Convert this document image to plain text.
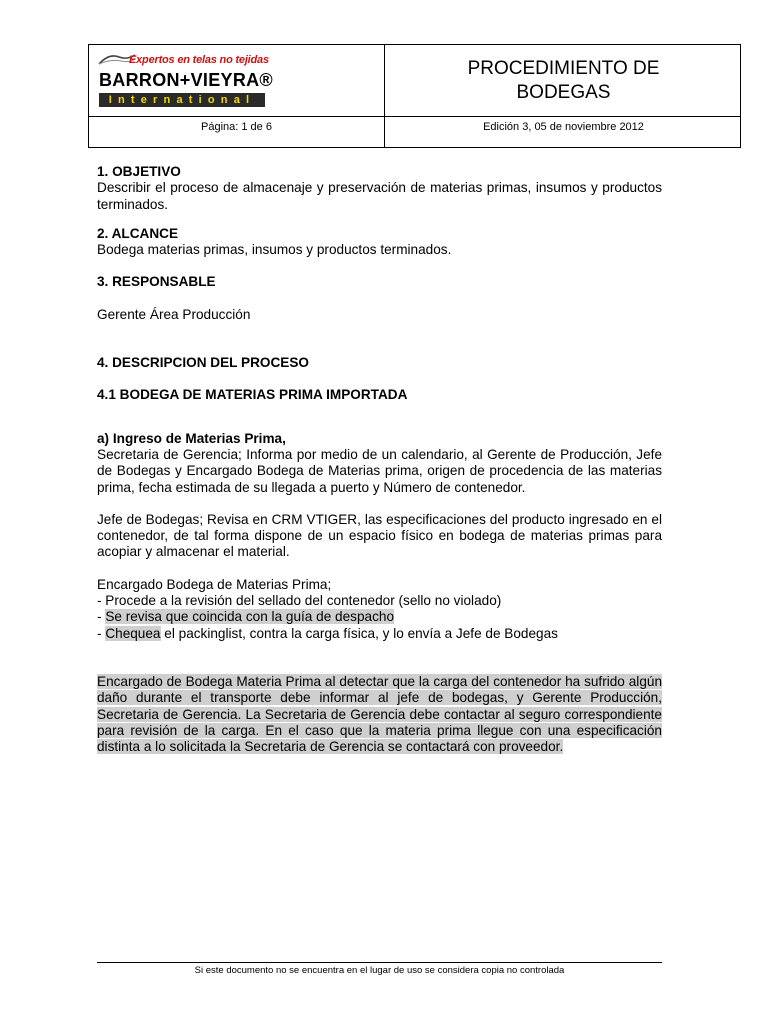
Expertos en telas no tejidas
BARRON+VIEYRA®
International
PROCEDIMIENTO DE
BODEGAS
Página: 1 de 6	Edición 3, 05 de noviembre 2012

1. OBJETIVO

Describir el proceso de almacenaje y preservación de materias primas, insumos y productos terminados.

2. ALCANCE

Bodega materias primas, insumos y productos terminados.

3. RESPONSABLE

Gerente Área Producción

4. DESCRIPCION DEL PROCESO

4.1 BODEGA DE MATERIAS PRIMA IMPORTADA

a) Ingreso de Materias Prima,

Secretaria de Gerencia; Informa por medio de un calendario, al Gerente de Producción, Jefe de Bodegas y Encargado Bodega de Materias prima, origen de procedencia de las materias prima, fecha estimada de su llegada a puerto y Número de contenedor.

Jefe de Bodegas; Revisa en CRM VTIGER, las especificaciones del producto ingresado en el contenedor, de tal forma dispone de un espacio físico en bodega de materias primas para acopiar y almacenar el material.

Encargado Bodega de Materias Prima;

- Procede a la revisión del sellado del contenedor (sello no violado)

- Se revisa que coincida con la guía de despacho

- Chequea el packinglist, contra la carga física, y lo envía a Jefe de Bodegas

Encargado de Bodega Materia Prima al detectar que la carga del contenedor ha sufrido algún daño durante el transporte debe informar al jefe de bodegas, y Gerente Producción, Secretaria de Gerencia. La Secretaria de Gerencia debe contactar al seguro correspondiente para revisión de la carga. En el caso que la materia prima llegue con una especificación distinta a lo solicitada la Secretaria de Gerencia se contactará con proveedor.

Si este documento no se encuentra en el lugar de uso se considera copia no controlada
